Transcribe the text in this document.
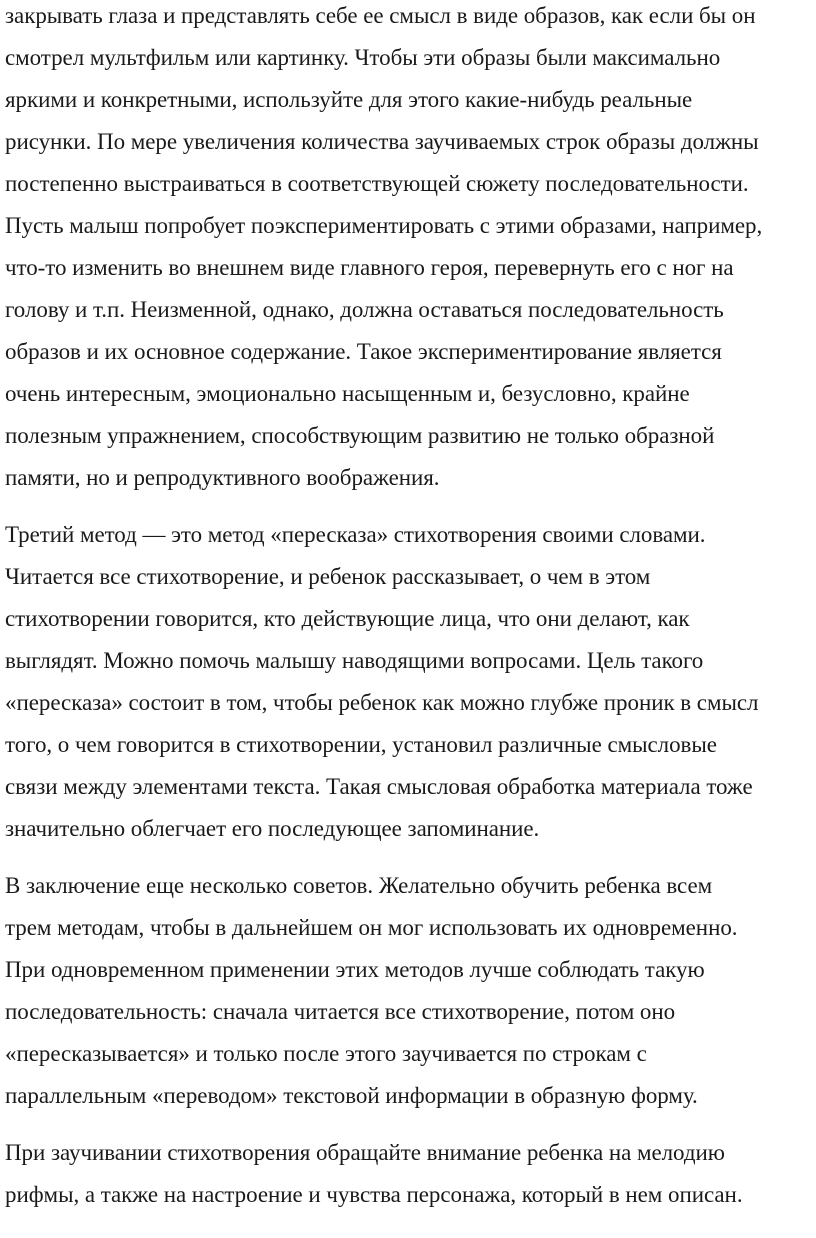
закрывать глаза и представлять себе ее смысл в виде образов, как если бы он
смотрел мультфильм или картинку. Чтобы эти образы были максимально
яркими и конкретными, используйте для этого какие-нибудь реальные
рисунки. По мере увеличения количества заучиваемых строк образы должны
постепенно выстраиваться в соответствующей сюжету последовательности.
Пусть малыш попробует поэкспериментировать с этими образами, например,
что-то изменить во внешнем виде главного героя, перевернуть его с ног на
голову и т.п. Неизменной, однако, должна оставаться последовательность
образов и их основное содержание. Такое экспериментирование является
очень интересным, эмоционально насыщенным и, безусловно, крайне
полезным упражнением, способствующим развитию не только образной
памяти, но и репродуктивного воображения.
Третий метод — это метод «пересказа» стихотворения своими словами.
Читается все стихотворение, и ребенок рассказывает, о чем в этом
стихотворении говорится, кто действующие лица, что они делают, как
выглядят. Можно помочь малышу наводящими вопросами. Цель такого
«пересказа» состоит в том, чтобы ребенок как можно глубже проник в смысл
того, о чем говорится в стихотворении, установил различные смысловые
связи между элементами текста. Такая смысловая обработка материала тоже
значительно облегчает его последующее запоминание.
В заключение еще несколько советов. Желательно обучить ребенка всем
трем методам, чтобы в дальнейшем он мог использовать их одновременно.
При одновременном применении этих методов лучше соблюдать такую
последовательность: сначала читается все стихотворение, потом оно
«пересказывается» и только после этого заучивается по строкам с
параллельным «переводом» текстовой информации в образную форму.
При заучивании стихотворения обращайте внимание ребенка на мелодию
рифмы, а также на настроение и чувства персонажа, который в нем описан.
